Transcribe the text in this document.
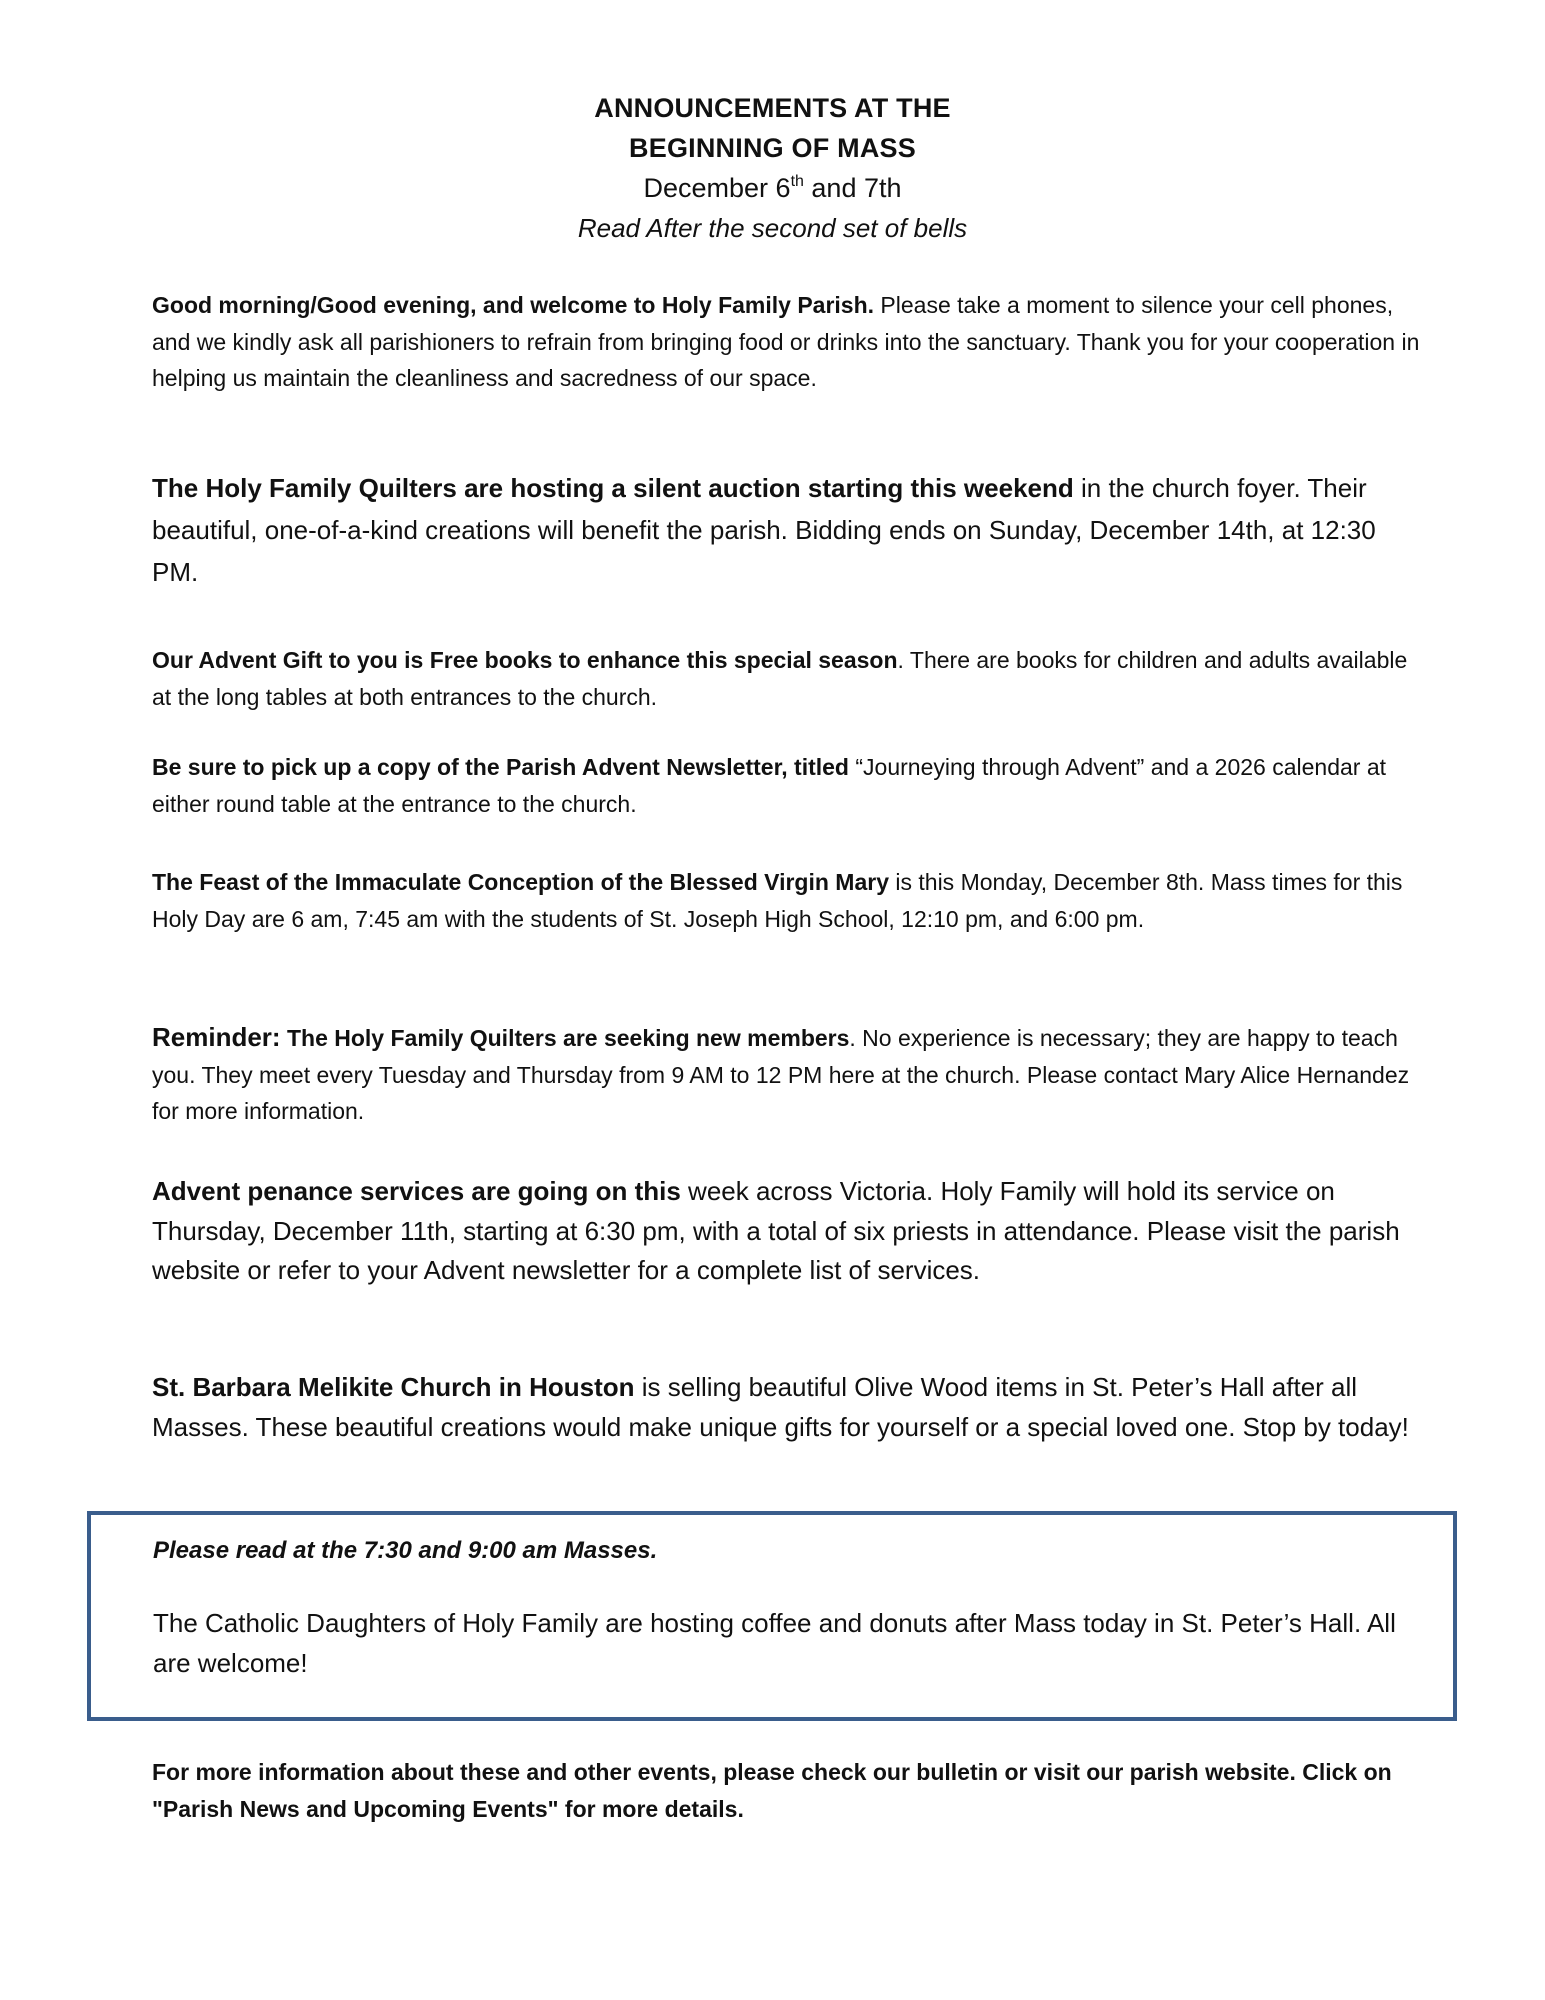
ANNOUNCEMENTS AT THE
BEGINNING OF MASS
December 6th and 7th
Read After the second set of bells

Good morning/Good evening, and welcome to Holy Family Parish. Please take a moment to silence your cell phones, and we kindly ask all parishioners to refrain from bringing food or drinks into the sanctuary. Thank you for your cooperation in helping us maintain the cleanliness and sacredness of our space.

The Holy Family Quilters are hosting a silent auction starting this weekend in the church foyer. Their beautiful, one-of-a-kind creations will benefit the parish. Bidding ends on Sunday, December 14th, at 12:30 PM.

Our Advent Gift to you is Free books to enhance this special season. There are books for children and adults available at the long tables at both entrances to the church.

Be sure to pick up a copy of the Parish Advent Newsletter, titled “Journeying through Advent” and a 2026 calendar at either round table at the entrance to the church.

The Feast of the Immaculate Conception of the Blessed Virgin Mary is this Monday, December 8th. Mass times for this Holy Day are 6 am, 7:45 am with the students of St. Joseph High School, 12:10 pm, and 6:00 pm.

Reminder: The Holy Family Quilters are seeking new members. No experience is necessary; they are happy to teach you. They meet every Tuesday and Thursday from 9 AM to 12 PM here at the church. Please contact Mary Alice Hernandez for more information.

Advent penance services are going on this week across Victoria. Holy Family will hold its service on Thursday, December 11th, starting at 6:30 pm, with a total of six priests in attendance. Please visit the parish website or refer to your Advent newsletter for a complete list of services.

St. Barbara Melikite Church in Houston is selling beautiful Olive Wood items in St. Peter’s Hall after all Masses. These beautiful creations would make unique gifts for yourself or a special loved one. Stop by today!

Please read at the 7:30 and 9:00 am Masses.

The Catholic Daughters of Holy Family are hosting coffee and donuts after Mass today in St. Peter’s Hall. All are welcome!

For more information about these and other events, please check our bulletin or visit our parish website. Click on "Parish News and Upcoming Events" for more details.
